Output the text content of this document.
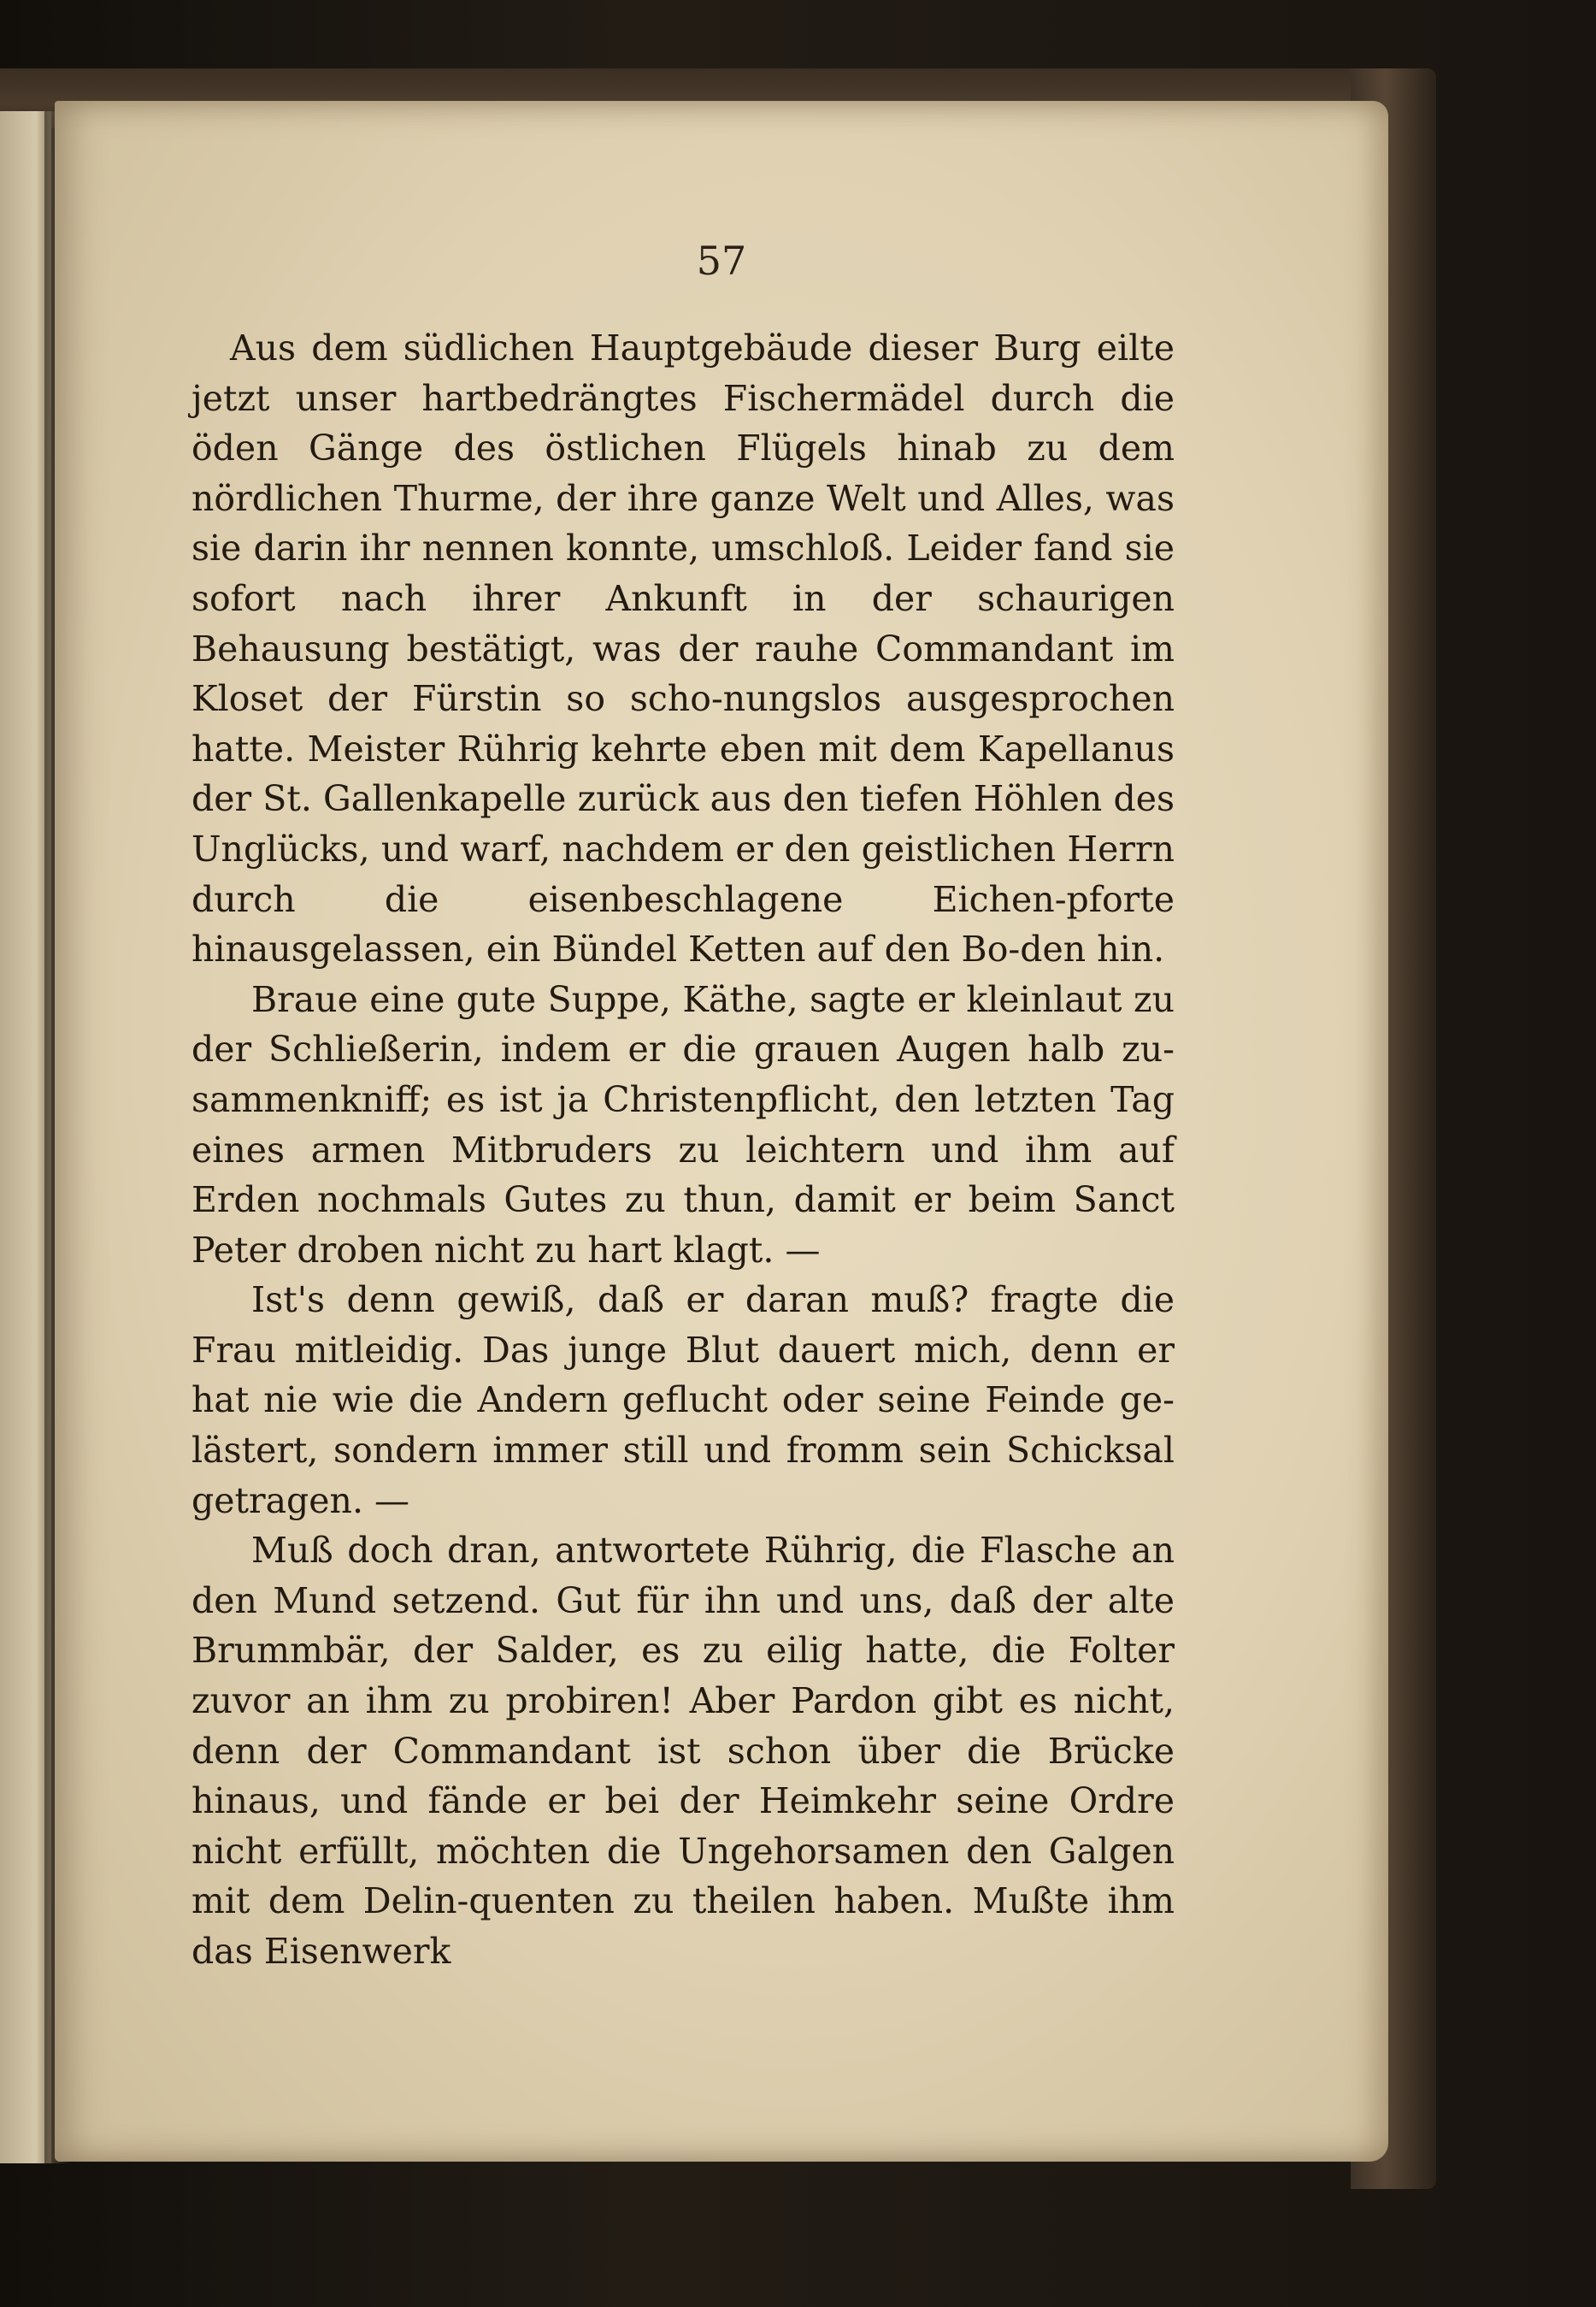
57

Aus dem südlichen Hauptgebäude dieser Burg eilte jetzt unser hartbedrängtes Fischermädel durch die öden Gänge des östlichen Flügels hinab zu dem nördlichen Thurme, der ihre ganze Welt und Alles, was sie darin ihr nennen konnte, umschloß. Leider fand sie sofort nach ihrer Ankunft in der schaurigen Behausung bestätigt, was der rauhe Commandant im Kloset der Fürstin so scho-nungslos ausgesprochen hatte. Meister Rührig kehrte eben mit dem Kapellanus der St. Gallenkapelle zurück aus den tiefen Höhlen des Unglücks, und warf, nachdem er den geistlichen Herrn durch die eisenbeschlagene Eichen-pforte hinausgelassen, ein Bündel Ketten auf den Bo-den hin.

Braue eine gute Suppe, Käthe, sagte er kleinlaut zu der Schließerin, indem er die grauen Augen halb zu-sammenkniff; es ist ja Christenpflicht, den letzten Tag eines armen Mitbruders zu leichtern und ihm auf Erden nochmals Gutes zu thun, damit er beim Sanct Peter droben nicht zu hart klagt. —

Ist's denn gewiß, daß er daran muß? fragte die Frau mitleidig. Das junge Blut dauert mich, denn er hat nie wie die Andern geflucht oder seine Feinde ge-lästert, sondern immer still und fromm sein Schicksal getragen. —

Muß doch dran, antwortete Rührig, die Flasche an den Mund setzend. Gut für ihn und uns, daß der alte Brummbär, der Salder, es zu eilig hatte, die Folter zuvor an ihm zu probiren! Aber Pardon gibt es nicht, denn der Commandant ist schon über die Brücke hinaus, und fände er bei der Heimkehr seine Ordre nicht erfüllt, möchten die Ungehorsamen den Galgen mit dem Delin-quenten zu theilen haben. Mußte ihm das Eisenwerk
